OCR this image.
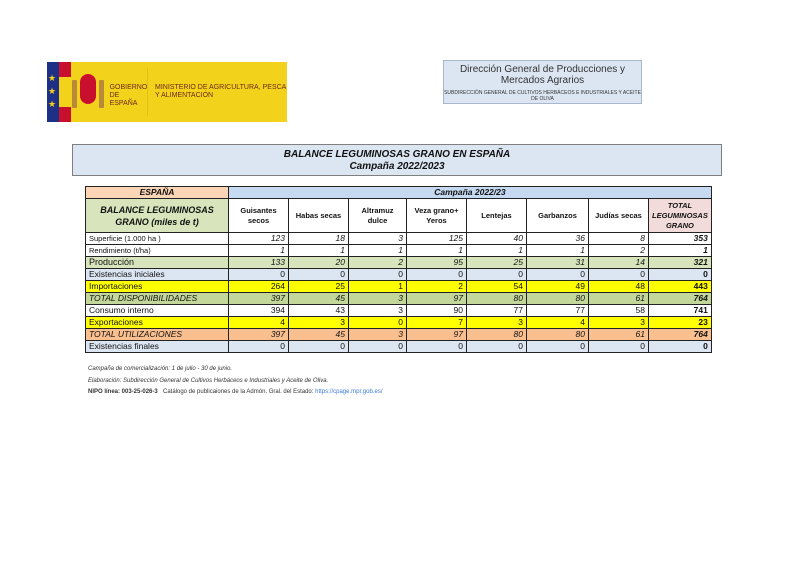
★
★
★
GOBIERNO DE ESPAÑA
MINISTERIO DE AGRICULTURA, PESCA Y ALIMENTACIÓN
Dirección General de Producciones y Mercados Agrarios
SUBDIRECCIÓN GENERAL DE CULTIVOS HERBÁCEOS E INDUSTRIALES Y ACEITE DE OLIVA
BALANCE LEGUMINOSAS GRANO EN ESPAÑA
Campaña 2022/2023
ESPAÑA	Campaña 2022/23							
BALANCE LEGUMINOSAS GRANO (miles de t)	Guisantes secos	Habas secas	Altramuz dulce	Veza grano+ Yeros	Lentejas	Garbanzos	Judías secas	TOTAL LEGUMINOSAS GRANO
Superficie (1.000 ha )	123	18	3	125	40	36	8	353
Rendimiento (t/ha)	1	1	1	1	1	1	2	1
Producción	133	20	2	95	25	31	14	321
Existencias iniciales	0	0	0	0	0	0	0	0
Importaciones	264	25	1	2	54	49	48	443
TOTAL DISPONIBILIDADES	397	45	3	97	80	80	61	764
Consumo interno	394	43	3	90	77	77	58	741
Exportaciones	4	3	0	7	3	4	3	23
TOTAL UTILIZACIONES	397	45	3	97	80	80	61	764
Existencias finales	0	0	0	0	0	0	0	0
Campaña de comercialización: 1 de julio - 30 de junio.
Elaboración: Subdirección General de Cultivos Herbáceos e Industriales y Aceite de Oliva.
NIPO línea: 003-25-026-3 Catálogo de publicaiones de la Admón. Gral. del Estado: https://cpage.mpr.gob.es/
